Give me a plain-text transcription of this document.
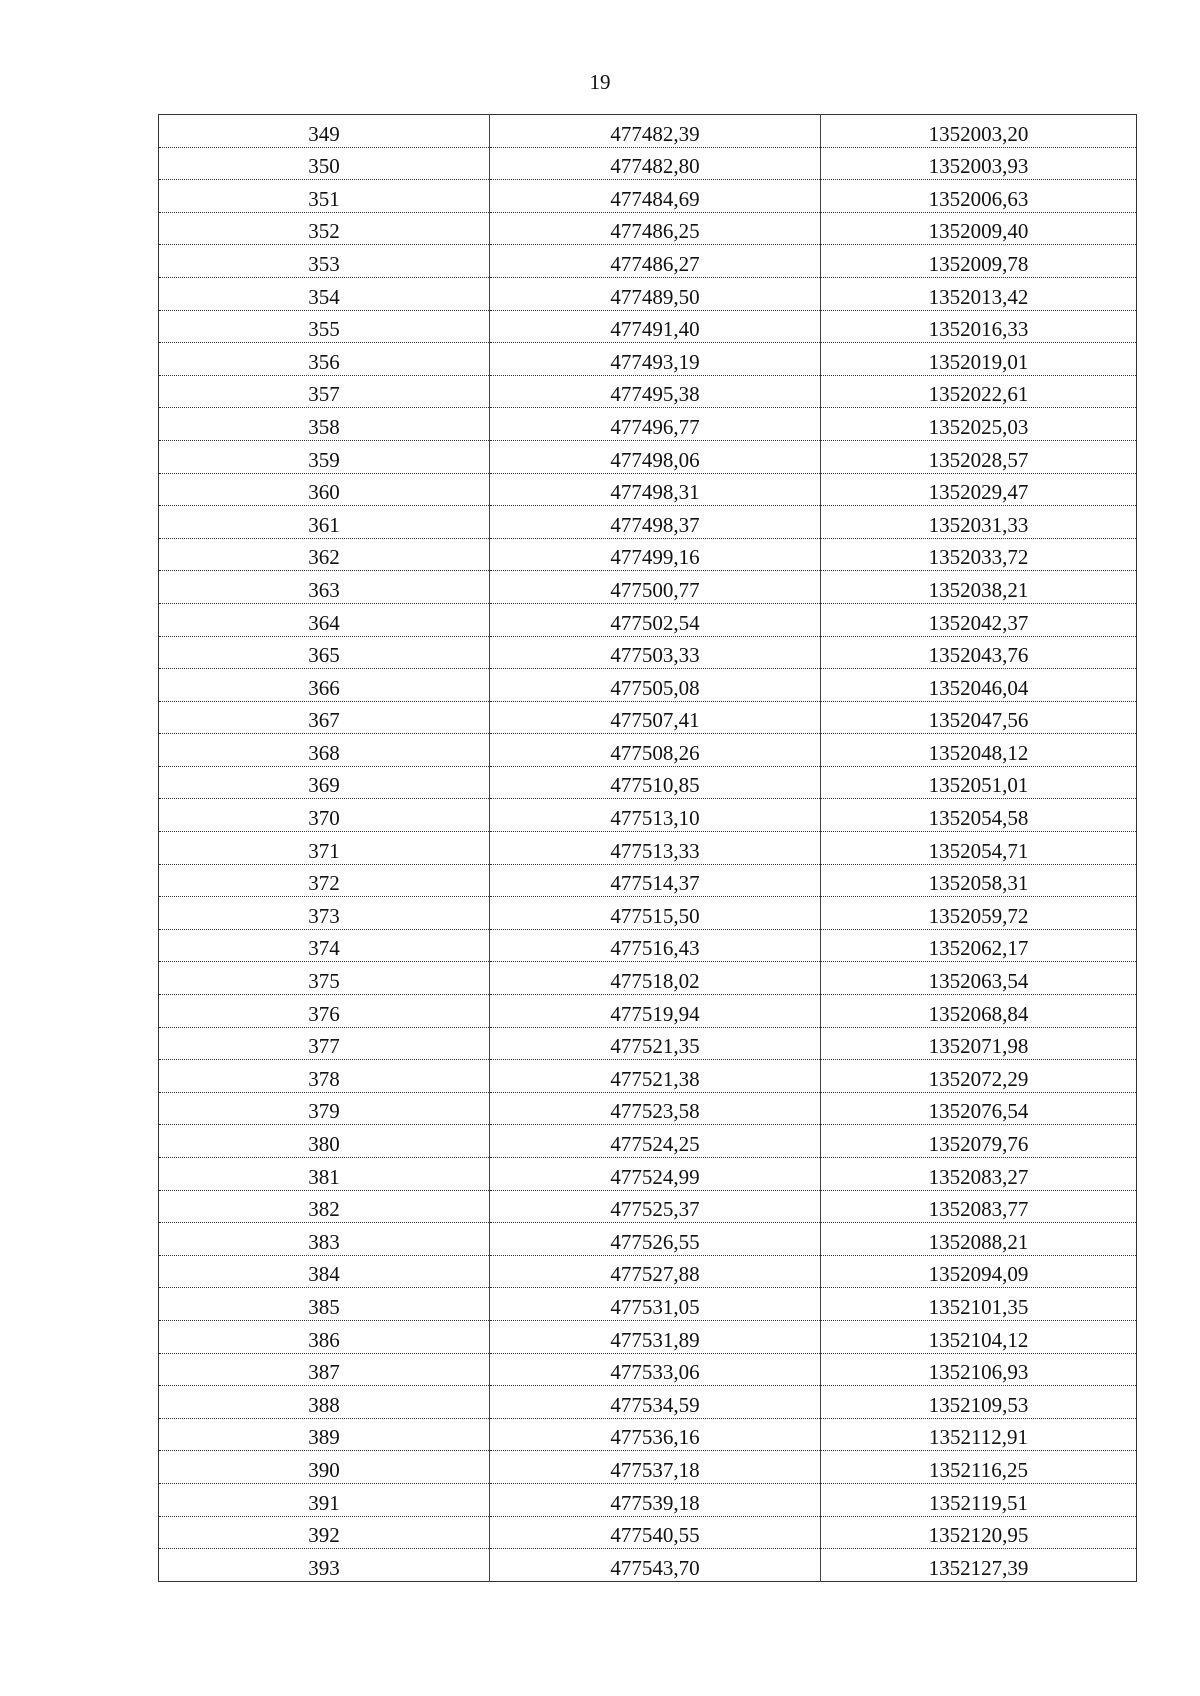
19
349	477482,39	1352003,20
350	477482,80	1352003,93
351	477484,69	1352006,63
352	477486,25	1352009,40
353	477486,27	1352009,78
354	477489,50	1352013,42
355	477491,40	1352016,33
356	477493,19	1352019,01
357	477495,38	1352022,61
358	477496,77	1352025,03
359	477498,06	1352028,57
360	477498,31	1352029,47
361	477498,37	1352031,33
362	477499,16	1352033,72
363	477500,77	1352038,21
364	477502,54	1352042,37
365	477503,33	1352043,76
366	477505,08	1352046,04
367	477507,41	1352047,56
368	477508,26	1352048,12
369	477510,85	1352051,01
370	477513,10	1352054,58
371	477513,33	1352054,71
372	477514,37	1352058,31
373	477515,50	1352059,72
374	477516,43	1352062,17
375	477518,02	1352063,54
376	477519,94	1352068,84
377	477521,35	1352071,98
378	477521,38	1352072,29
379	477523,58	1352076,54
380	477524,25	1352079,76
381	477524,99	1352083,27
382	477525,37	1352083,77
383	477526,55	1352088,21
384	477527,88	1352094,09
385	477531,05	1352101,35
386	477531,89	1352104,12
387	477533,06	1352106,93
388	477534,59	1352109,53
389	477536,16	1352112,91
390	477537,18	1352116,25
391	477539,18	1352119,51
392	477540,55	1352120,95
393	477543,70	1352127,39
